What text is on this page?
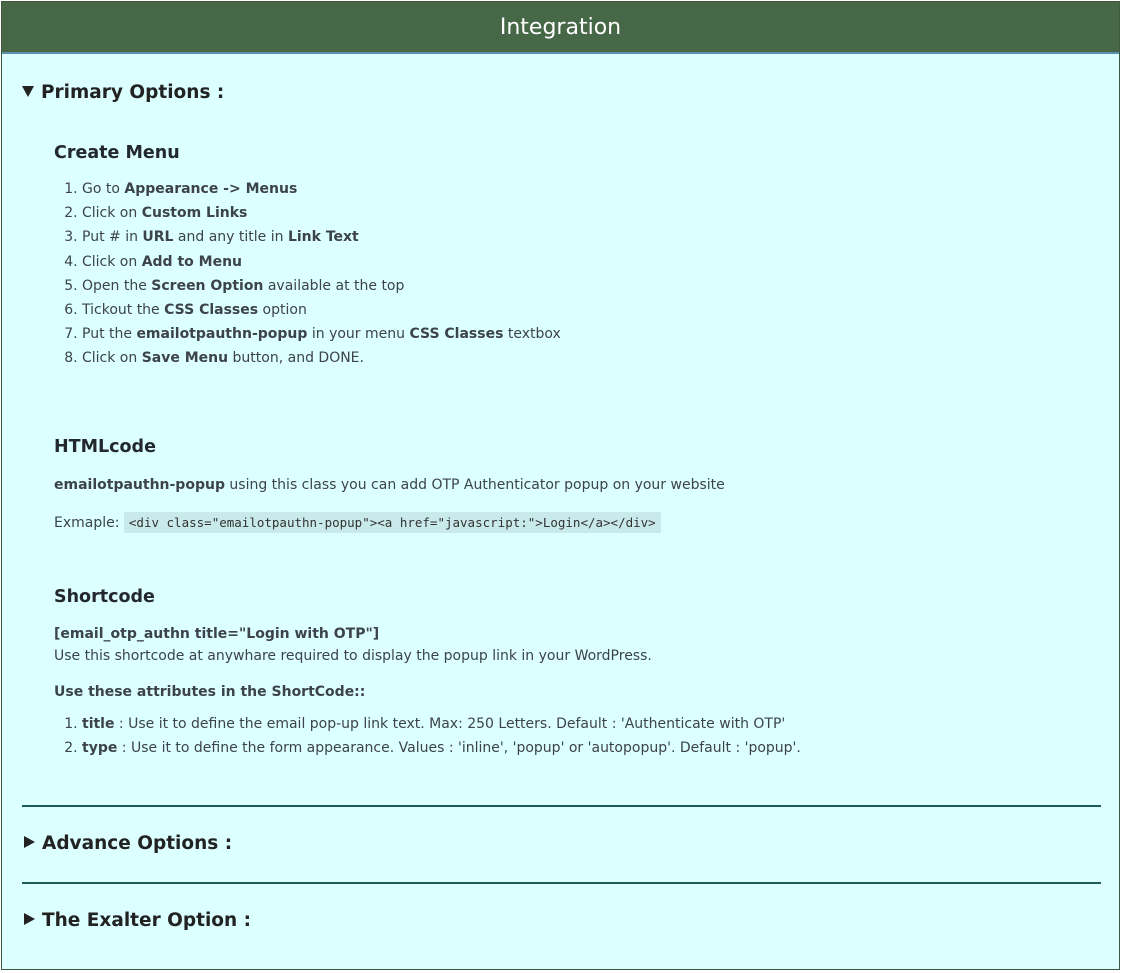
Integration
Primary Options :
Create Menu
1. Go to Appearance -> Menus
2. Click on Custom Links
3. Put # in URL and any title in Link Text
4. Click on Add to Menu
5. Open the Screen Option available at the top
6. Tickout the CSS Classes option
7. Put the emailotpauthn-popup in your menu CSS Classes textbox
8. Click on Save Menu button, and DONE.
HTMLcode

emailotpauthn-popup using this class you can add OTP Authenticator popup on your website

Exmaple: <div class="emailotpauthn-popup"><a href="javascript:">Login</a></div>

Shortcode

[email_otp_authn title="Login with OTP"]

Use this shortcode at anywhare required to display the popup link in your WordPress.

Use these attributes in the ShortCode::

1. title : Use it to define the email pop-up link text. Max: 250 Letters. Default : 'Authenticate with OTP'
2. type : Use it to define the form appearance. Values : 'inline', 'popup' or 'autopopup'. Default : 'popup'.
Advance Options :
The Exalter Option :
